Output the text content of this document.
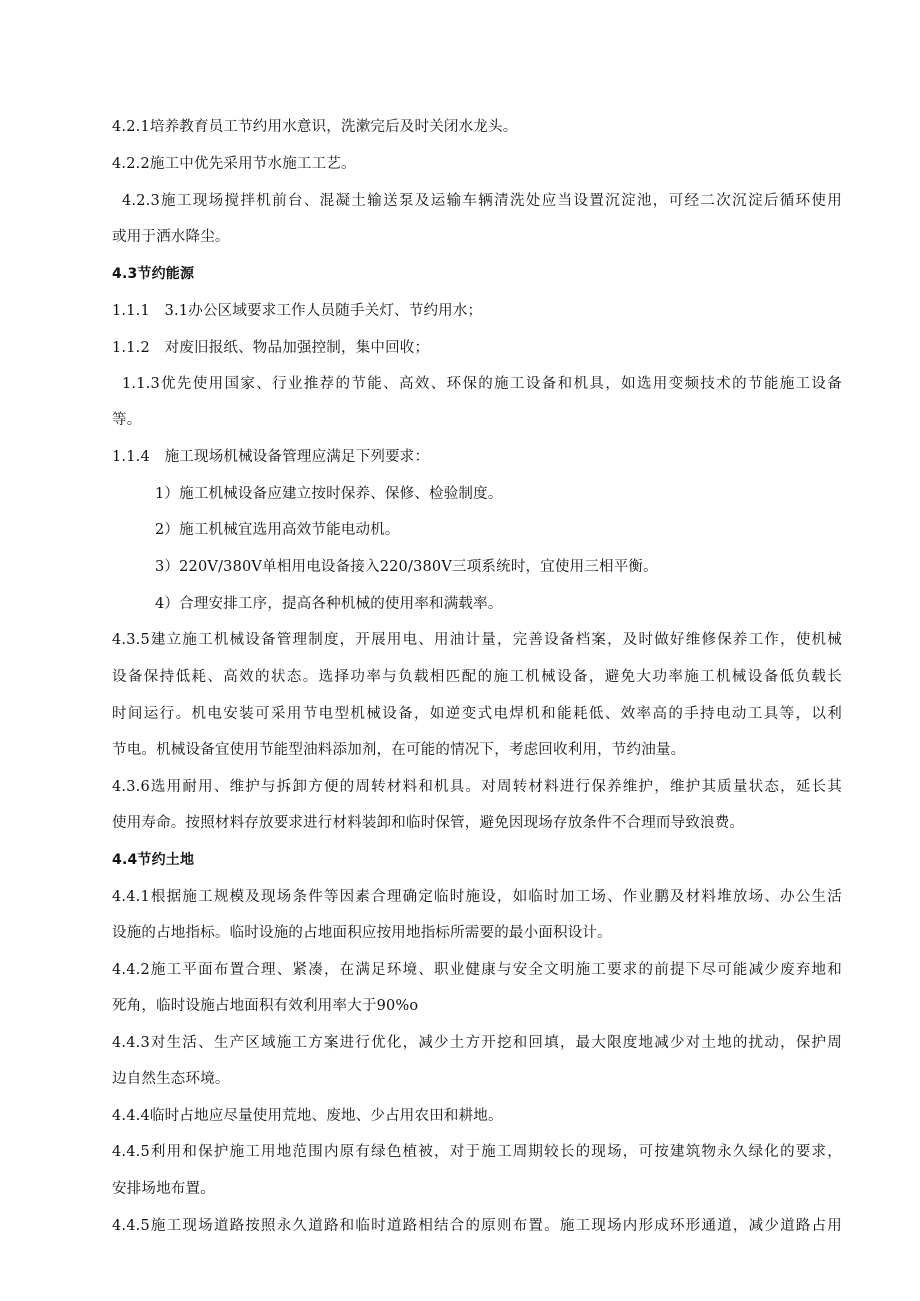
4.2.1培养教育员工节约用水意识，洗漱完后及时关闭水龙头。
4.2.2施工中优先采用节水施工工艺。
4.2.3施工现场搅拌机前台、混凝土输送泵及运输车辆清洗处应当设置沉淀池，可经二次沉淀后循环使用
或用于洒水降尘。
4.3节约能源
1.1.1　3.1办公区域要求工作人员随手关灯、节约用水；
1.1.2　对废旧报纸、物品加强控制，集中回收；
1.1.3优先使用国家、行业推荐的节能、高效、环保的施工设备和机具，如选用变频技术的节能施工设备
等。
1.1.4　施工现场机械设备管理应满足下列要求：
1）施工机械设备应建立按时保养、保修、检验制度。
2）施工机械宜选用高效节能电动机。
3）220V/380V单相用电设备接入220/380V三项系统时，宜使用三相平衡。
4）合理安排工序，提高各种机械的使用率和满载率。
4.3.5建立施工机械设备管理制度，开展用电、用油计量，完善设备档案，及时做好维修保养工作，使机械
设备保持低耗、高效的状态。选择功率与负载相匹配的施工机械设备，避免大功率施工机械设备低负载长
时间运行。机电安装可采用节电型机械设备，如逆变式电焊机和能耗低、效率高的手持电动工具等，以利
节电。机械设备宜使用节能型油料添加剂，在可能的情况下，考虑回收利用，节约油量。
4.3.6选用耐用、维护与拆卸方便的周转材料和机具。对周转材料进行保养维护，维护其质量状态，延长其
使用寿命。按照材料存放要求进行材料装卸和临时保管，避免因现场存放条件不合理而导致浪费。
4.4节约土地
4.4.1根据施工规模及现场条件等因素合理确定临时施设，如临时加工场、作业鹏及材料堆放场、办公生活
设施的占地指标。临时设施的占地面积应按用地指标所需要的最小面积设计。
4.4.2施工平面布置合理、紧凑，在满足环境、职业健康与安全文明施工要求的前提下尽可能减少废弃地和
死角，临时设施占地面积有效利用率大于90%o
4.4.3对生活、生产区域施工方案进行优化，减少土方开挖和回填，最大限度地减少对土地的扰动，保护周
边自然生态环境。
4.4.4临时占地应尽量使用荒地、废地、少占用农田和耕地。
4.4.5利用和保护施工用地范围内原有绿色植被，对于施工周期较长的现场，可按建筑物永久绿化的要求，
安排场地布置。
4.4.5施工现场道路按照永久道路和临时道路相结合的原则布置。施工现场内形成环形通道，减少道路占用
